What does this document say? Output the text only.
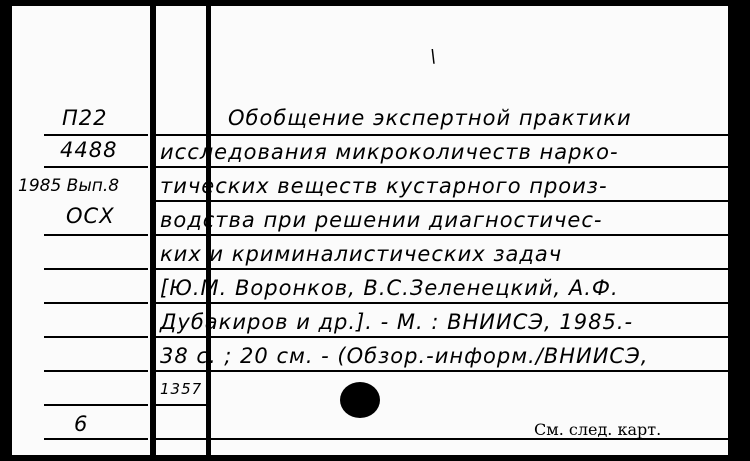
\
П22
4488
1985 Вып.8
ОСХ
6
Обобщение экспертной практики
исследования микроколичеств нарко-
тических веществ кустарного произ-
водства при решении диагностичес-
ких и криминалистических задач
[Ю.М. Воронков, В.С.Зеленецкий, А.Ф.
Дубакиров и др.]. - М. : ВНИИСЭ, 1985.-
38 с. ; 20 см. - (Обзор.-информ./ВНИИСЭ,
1357
См. след. карт.
